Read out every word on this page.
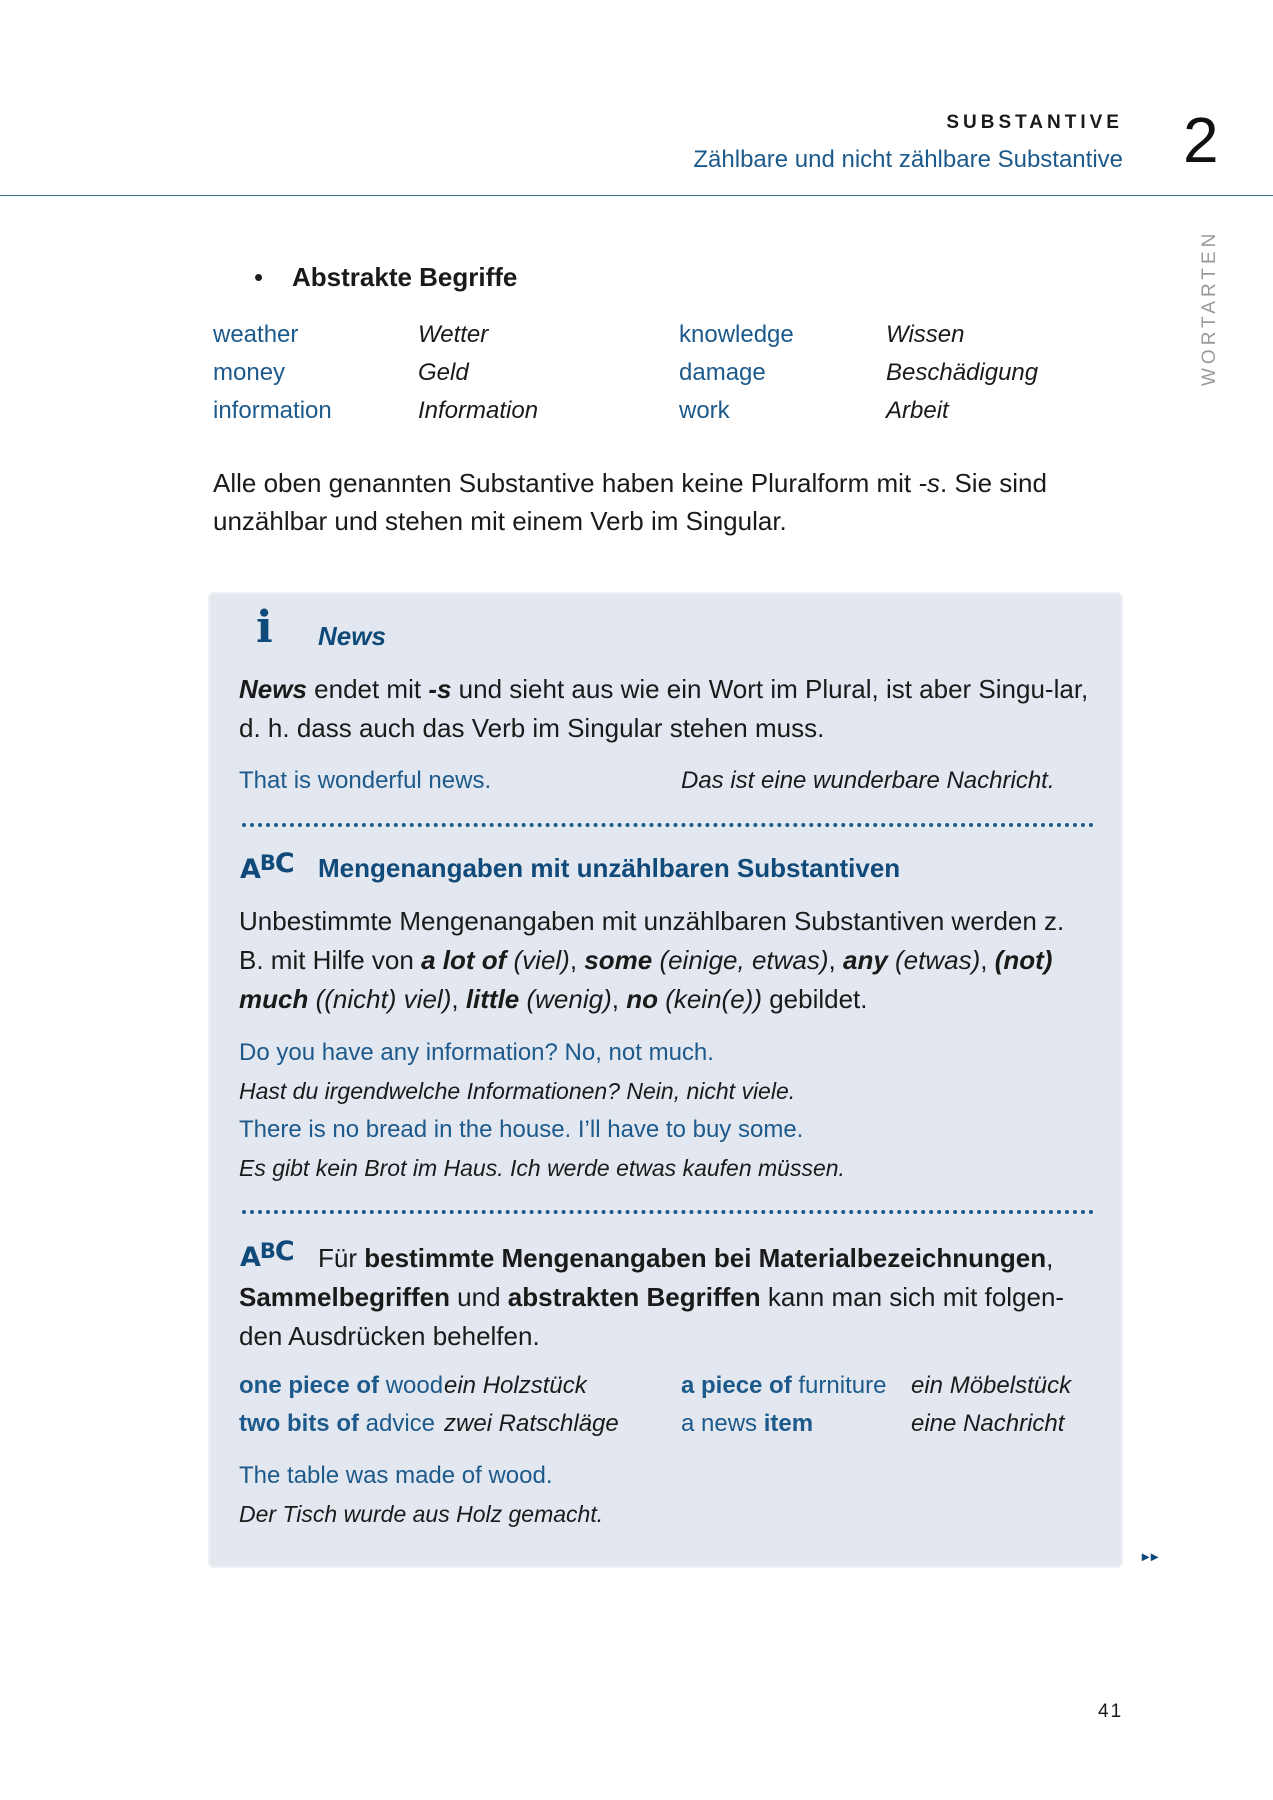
SUBSTANTIVE
Zählbare und nicht zählbare Substantive 2
WORTARTEN
• Abstrakte Begriffe
weather
money
information
Wetter
Geld
Information
knowledge
damage
work
Wissen
Beschädigung
Arbeit
Alle oben genannten Substantive haben keine Pluralform mit -s. Sie sind unzählbar und stehen mit einem Verb im Singular.
i News
News endet mit -s und sieht aus wie ein Wort im Plural, ist aber Singu-lar, d. h. dass auch das Verb im Singular stehen muss.
That is wonderful news.	Das ist eine wunderbare Nachricht.
ABC Mengenangaben mit unzählbaren Substantiven
Unbestimmte Mengenangaben mit unzählbaren Substantiven werden z. B. mit Hilfe von a lot of (viel), some (einige, etwas), any (etwas), (not) much ((nicht) viel), little (wenig), no (kein(e)) gebildet.
Do you have any information? No, not much.
Hast du irgendwelche Informationen? Nein, nicht viele.
There is no bread in the house. I’ll have to buy some.
Es gibt kein Brot im Haus. Ich werde etwas kaufen müssen.
ABC Für bestimmte Mengenangaben bei Materialbezeichnungen, Sammelbegriffen und abstrakten Begriffen kann man sich mit folgen-den Ausdrücken behelfen.
one piece of wood ein Holzstück
two bits of advice zwei Ratschläge
a piece of furniture ein Möbelstück
a news item	eine Nachricht
The table was made of wood.
Der Tisch wurde aus Holz gemacht.
▸▸
41
